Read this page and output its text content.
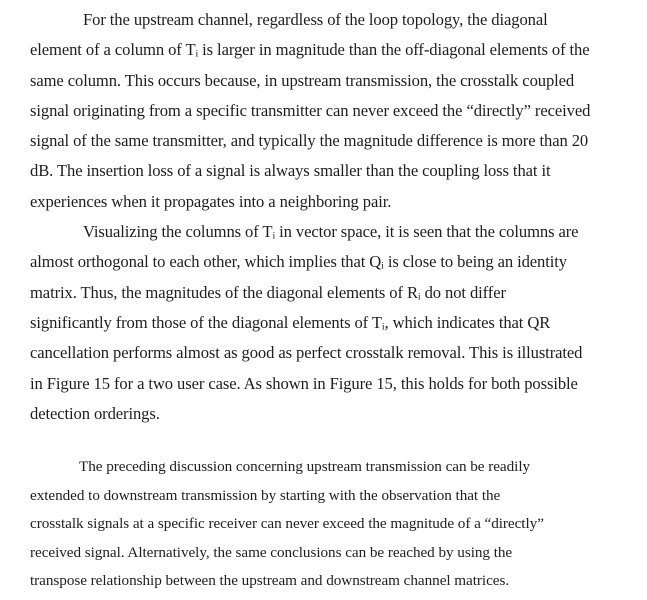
For the upstream channel, regardless of the loop topology, the diagonal
element of a column of Tᵢ is larger in magnitude than the off-diagonal elements of the
same column. This occurs because, in upstream transmission, the crosstalk coupled
signal originating from a specific transmitter can never exceed the “directly” received
signal of the same transmitter, and typically the magnitude difference is more than 20
dB. The insertion loss of a signal is always smaller than the coupling loss that it
experiences when it propagates into a neighboring pair.
Visualizing the columns of Tᵢ in vector space, it is seen that the columns are
almost orthogonal to each other, which implies that Qᵢ is close to being an identity
matrix. Thus, the magnitudes of the diagonal elements of Rᵢ do not differ
significantly from those of the diagonal elements of Tᵢ, which indicates that QR
cancellation performs almost as good as perfect crosstalk removal. This is illustrated
in Figure 15 for a two user case. As shown in Figure 15, this holds for both possible
detection orderings.
The preceding discussion concerning upstream transmission can be readily
extended to downstream transmission by starting with the observation that the
crosstalk signals at a specific receiver can never exceed the magnitude of a “directly”
received signal. Alternatively, the same conclusions can be reached by using the
transpose relationship between the upstream and downstream channel matrices.
